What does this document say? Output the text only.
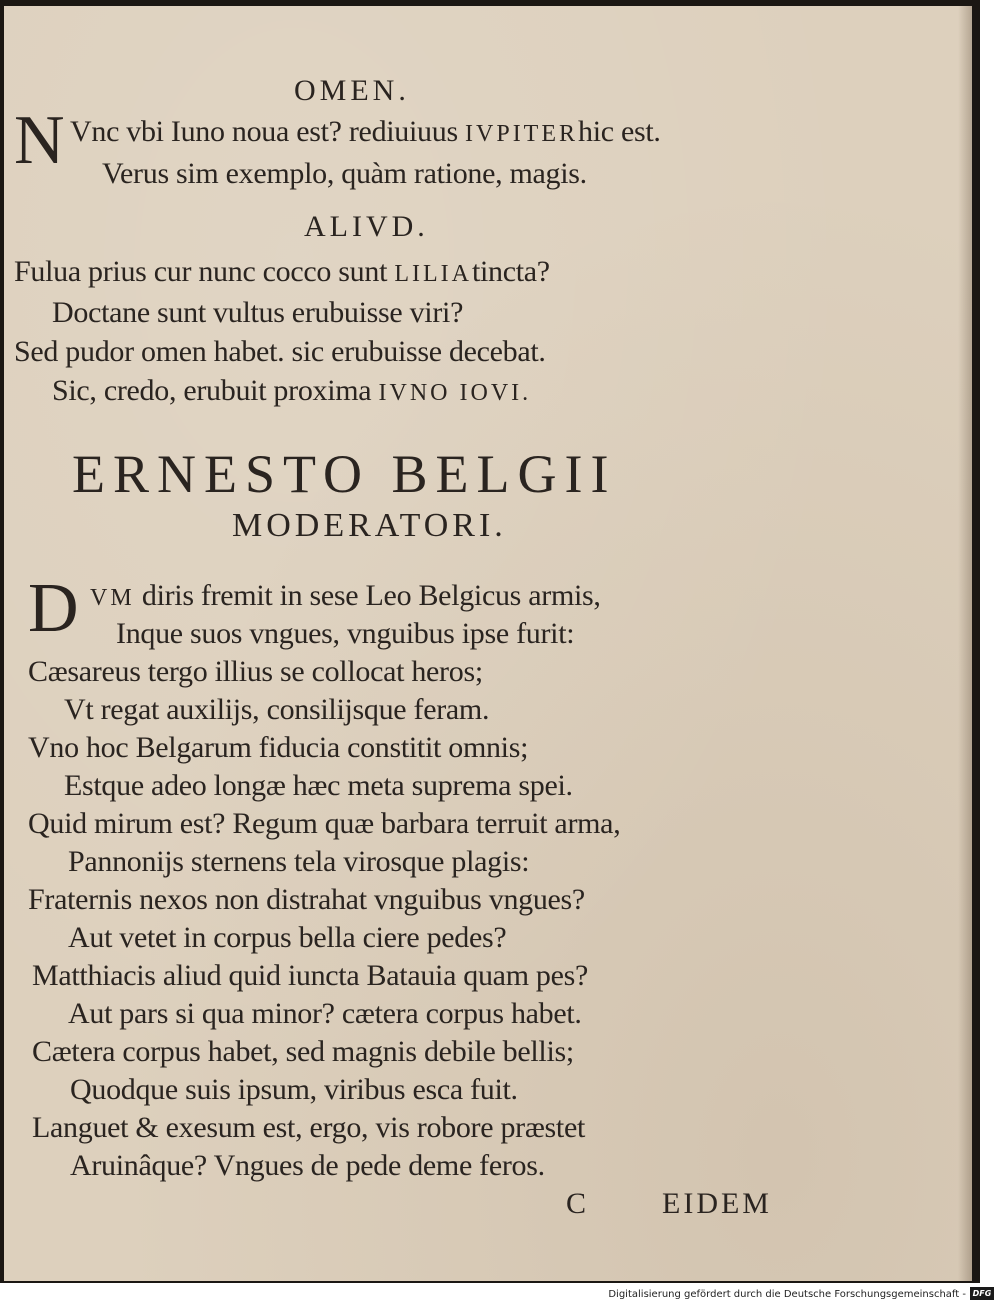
OMEN.
N Vnc vbi Iuno noua est? rediuiuus IVPITERhic est.
Verus sim exemplo, quàm ratione, magis.
ALIVD.
Fulua prius cur nunc cocco sunt LILIAtincta?
Doctane sunt vultus erubuisse viri?
Sed pudor omen habet. sic erubuisse decebat.
Sic, credo, erubuit proxima IVNO IOVI.
ERNESTO BELGII
MODERATORI.
D VM diris fremit in sese Leo Belgicus armis,
Inque suos vngues, vnguibus ipse furit:
Cæsareus tergo illius se collocat heros;
Vt regat auxilijs, consilijsque feram.
Vno hoc Belgarum fiducia constitit omnis;
Estque adeo longæ hæc meta suprema spei.
Quid mirum est? Regum quæ barbara terruit arma,
Pannonijs sternens tela virosque plagis:
Fraternis nexos non distrahat vnguibus vngues?
Aut vetet in corpus bella ciere pedes?
Matthiacis aliud quid iuncta Batauia quam pes?
Aut pars si qua minor? cætera corpus habet.
Cætera corpus habet, sed magnis debile bellis;
Quodque suis ipsum, viribus esca fuit.
Languet & exesum est, ergo, vis robore præstet
Aruinâque? Vngues de pede deme feros.
C EIDEM
Digitalisierung gefördert durch die Deutsche Forschungsgemeinschaft - DFG
